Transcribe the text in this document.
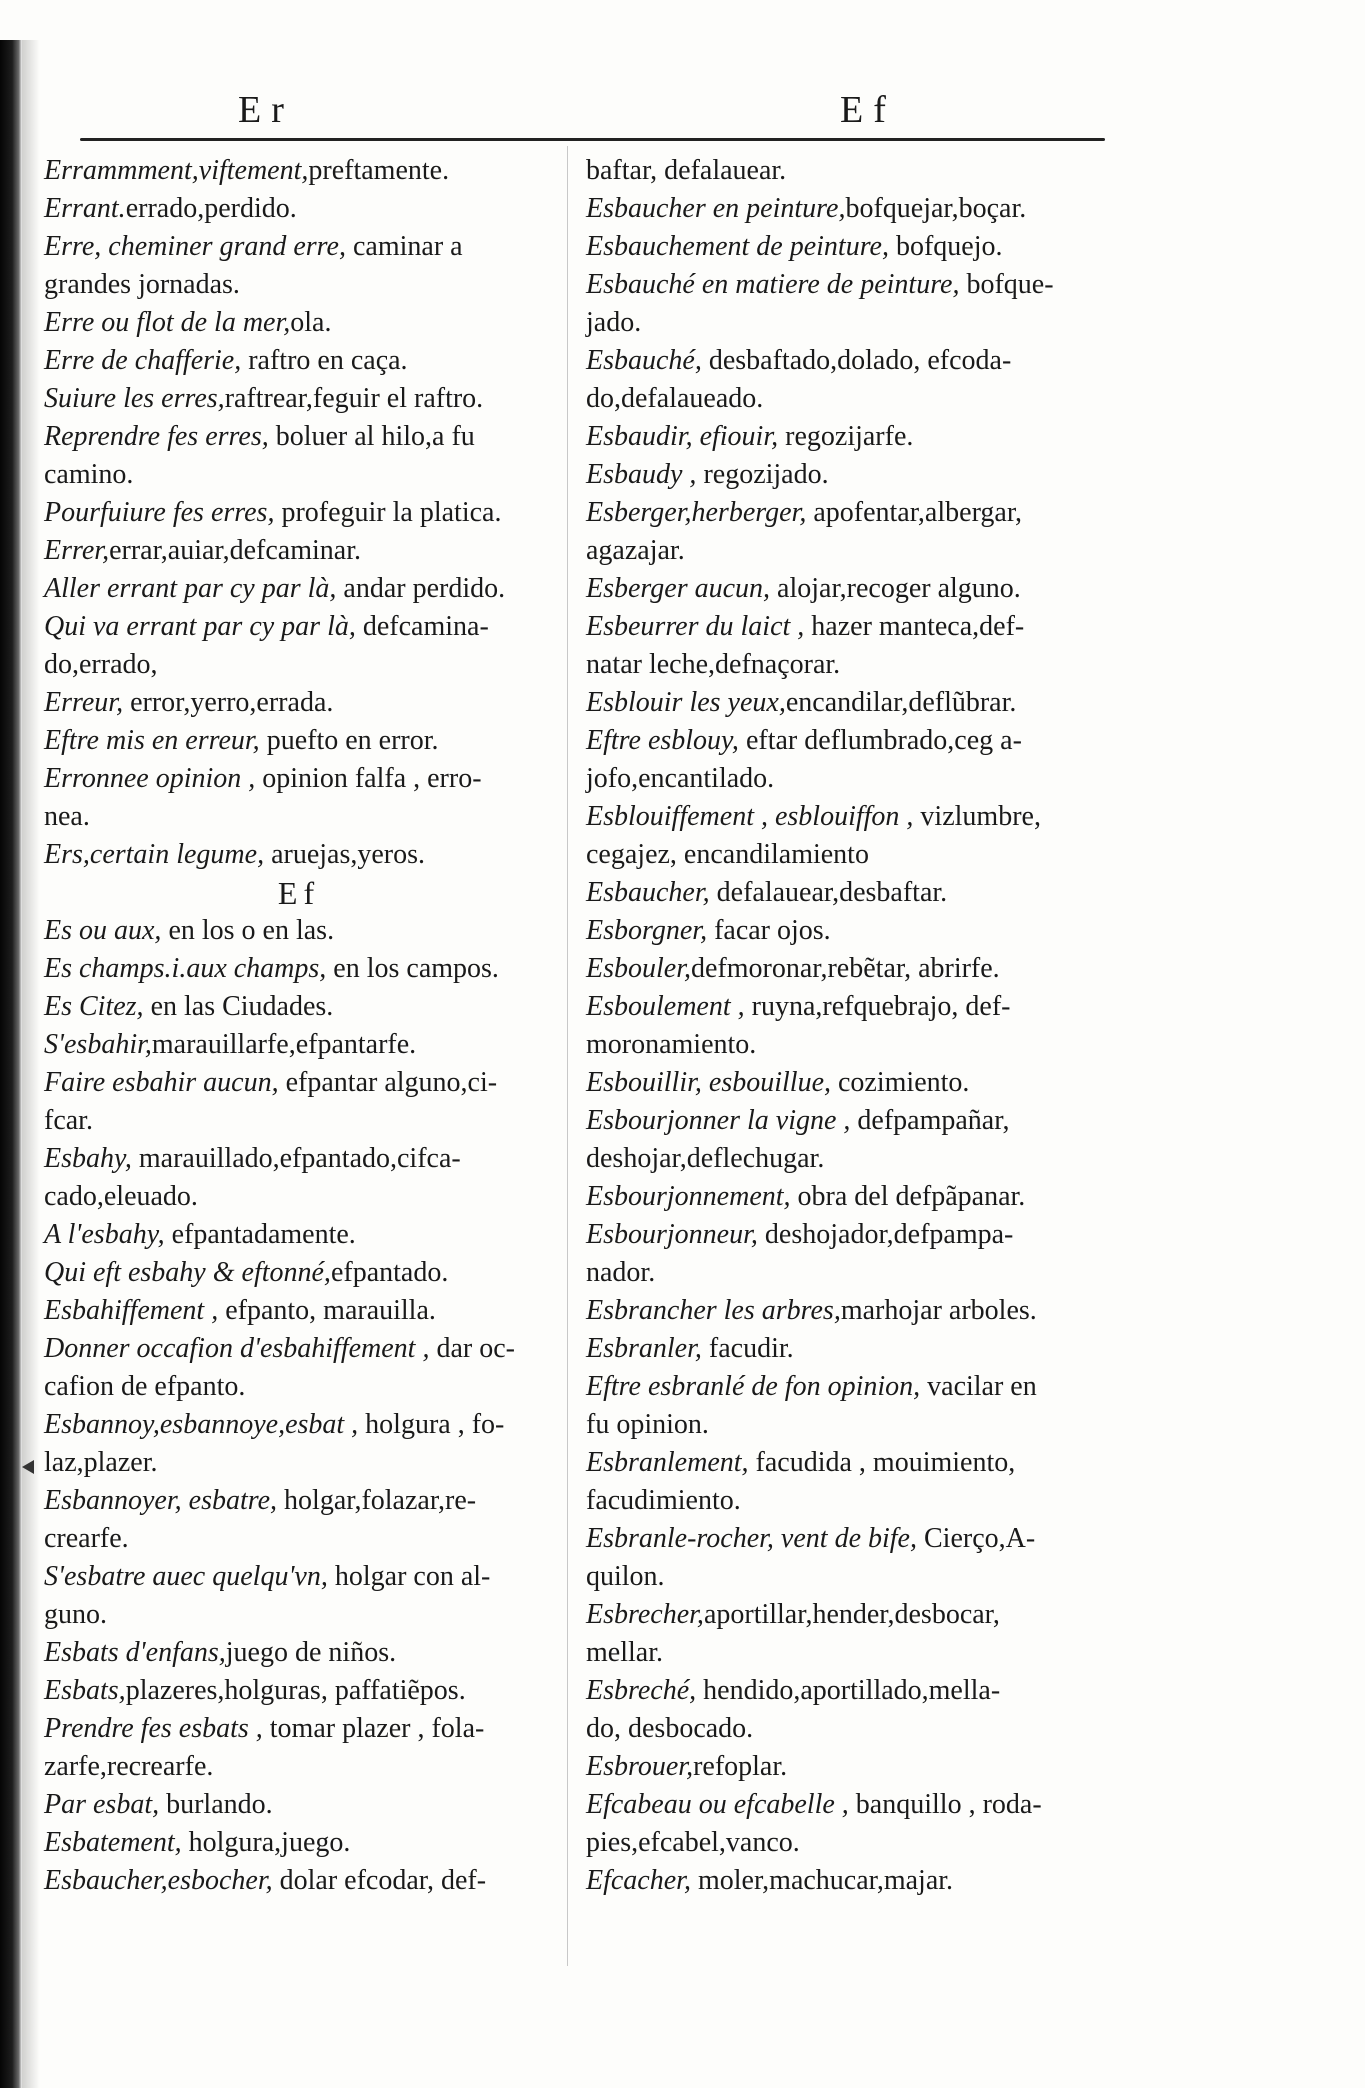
Er	Ef
Errammment,viftement,preftamente.
Errant.errado,perdido.
Erre, cheminer grand erre, caminar a
grandes jornadas.
Erre ou flot de la mer,ola.
Erre de chafferie, raftro en caça.
Suiure les erres,raftrear,feguir el raftro.
Reprendre fes erres, boluer al hilo,a fu
camino.
Pourfuiure fes erres, profeguir la platica.
Errer,errar,auiar,defcaminar.
Aller errant par cy par là, andar perdido.
Qui va errant par cy par là, defcamina-
do,errado,
Erreur, error,yerro,errada.
Eftre mis en erreur, puefto en error.
Erronnee opinion , opinion falfa , erro-
nea.
Ers,certain legume, aruejas,yeros.
Ef
Es ou aux, en los o en las.
Es champs.i.aux champs, en los campos.
Es Citez, en las Ciudades.
S'esbahir,marauillarfe,efpantarfe.
Faire esbahir aucun, efpantar alguno,ci-
fcar.
Esbahy, marauillado,efpantado,cifca-
cado,eleuado.
A l'esbahy, efpantadamente.
Qui eft esbahy & eftonné,efpantado.
Esbahiffement , efpanto, marauilla.
Donner occafion d'esbahiffement , dar oc-
cafion de efpanto.
Esbannoy,esbannoye,esbat , holgura , fo-
laz,plazer.
Esbannoyer, esbatre, holgar,folazar,re-
crearfe.
S'esbatre auec quelqu'vn, holgar con al-
guno.
Esbats d'enfans,juego de niños.
Esbats,plazeres,holguras, paffatiẽpos.
Prendre fes esbats , tomar plazer , fola-
zarfe,recrearfe.
Par esbat, burlando.
Esbatement, holgura,juego.
Esbaucher,esbocher, dolar efcodar, def-
baftar, defalauear.
Esbaucher en peinture,bofquejar,boçar.
Esbauchement de peinture, bofquejo.
Esbauché en matiere de peinture, bofque-
jado.
Esbauché, desbaftado,dolado, efcoda-
do,defalaueado.
Esbaudir, efiouir, regozijarfe.
Esbaudy , regozijado.
Esberger,herberger, apofentar,albergar,
agazajar.
Esberger aucun, alojar,recoger alguno.
Esbeurrer du laict , hazer manteca,def-
natar leche,defnaçorar.
Esblouir les yeux,encandilar,deflũbrar.
Eftre esblouy, eftar deflumbrado,ceg a-
jofo,encantilado.
Esblouiffement , esblouiffon , vizlumbre,
cegajez, encandilamiento
Esbaucher, defalauear,desbaftar.
Esborgner, facar ojos.
Esbouler,defmoronar,rebẽtar, abrirfe.
Esboulement , ruyna,refquebrajo, def-
moronamiento.
Esbouillir, esbouillue, cozimiento.
Esbourjonner la vigne , defpampañar,
deshojar,deflechugar.
Esbourjonnement, obra del defpãpanar.
Esbourjonneur, deshojador,defpampa-
nador.
Esbrancher les arbres,marhojar arboles.
Esbranler, facudir.
Eftre esbranlé de fon opinion, vacilar en
fu opinion.
Esbranlement, facudida , mouimiento,
facudimiento.
Esbranle-rocher, vent de bife, Cierço,A-
quilon.
Esbrecher,aportillar,hender,desbocar,
mellar.
Esbreché, hendido,aportillado,mella-
do, desbocado.
Esbrouer,refoplar.
Efcabeau ou efcabelle , banquillo , roda-
pies,efcabel,vanco.
Efcacher, moler,machucar,majar.
